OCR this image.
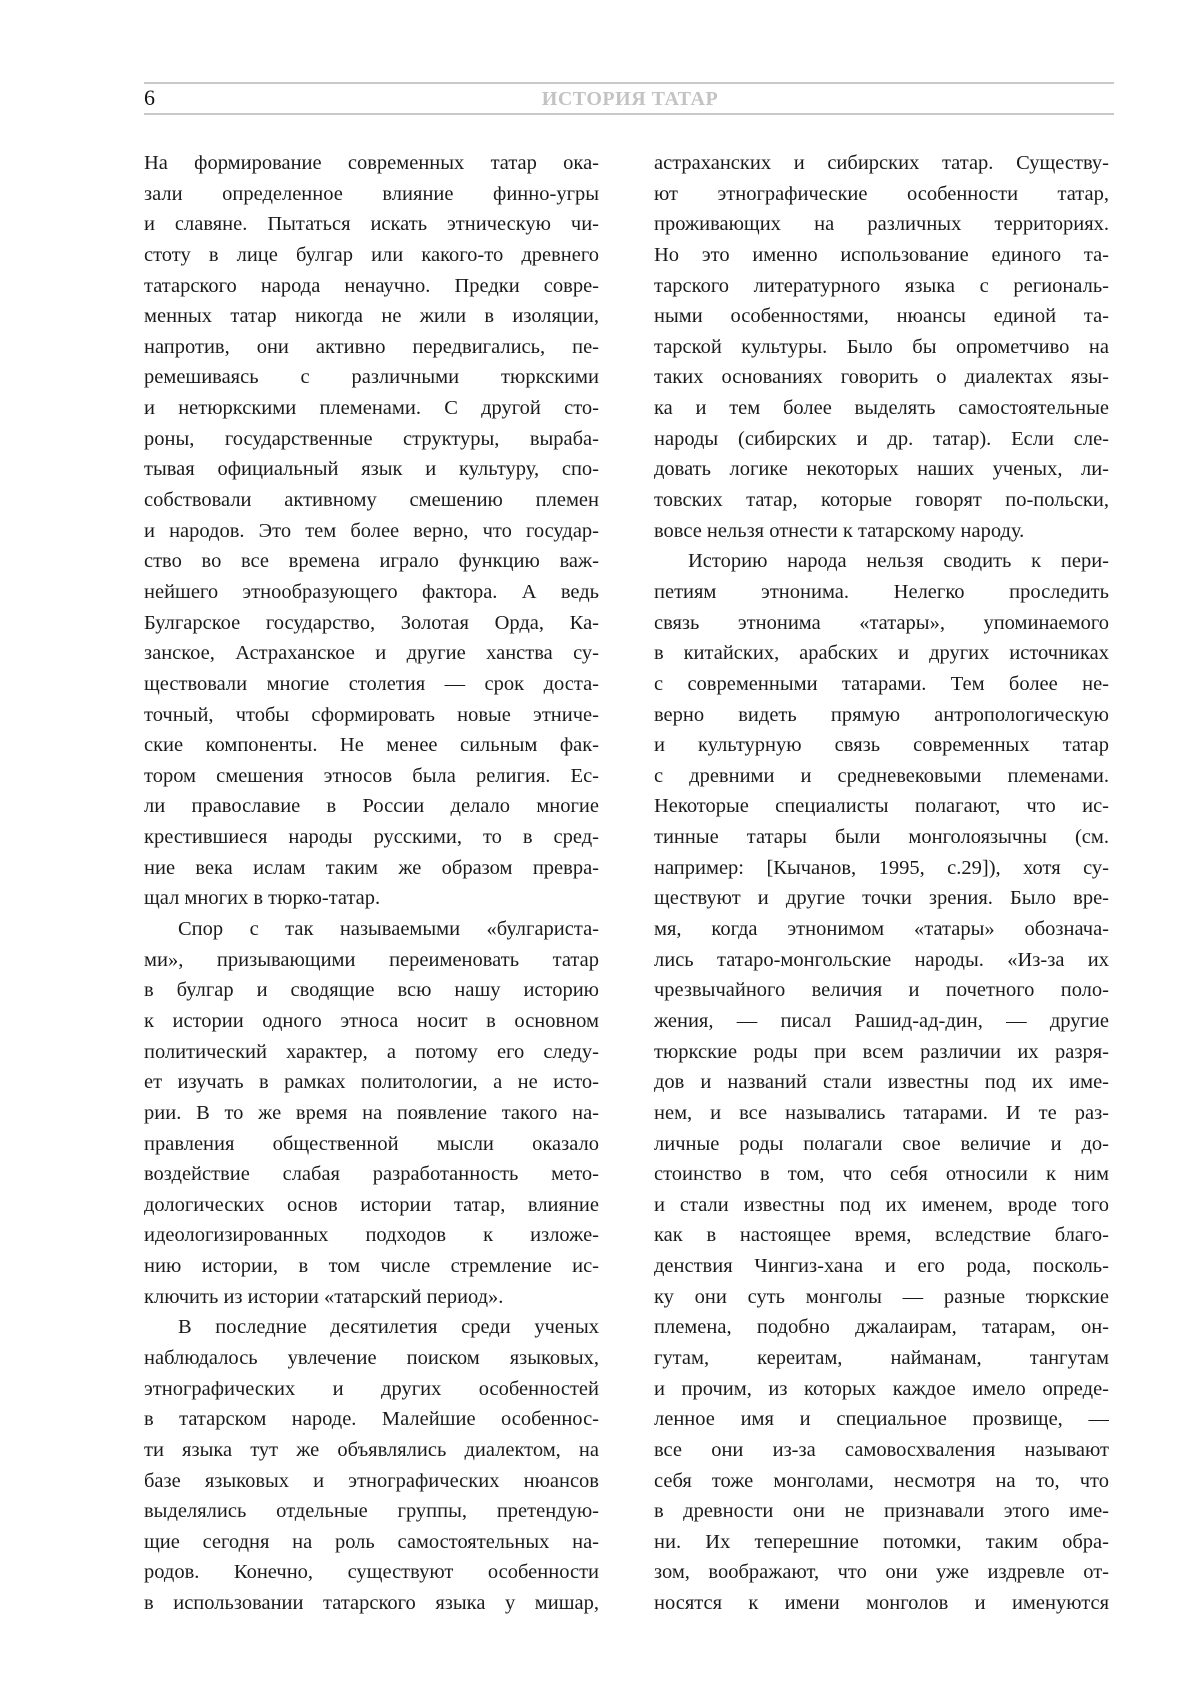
6	ИСТОРИЯ ТАТАР
На формирование современных татар ока-
зали определенное влияние финно-угры
и славяне. Пытаться искать этническую чи-
стоту в лице булгар или какого-то древнего
татарского народа ненаучно. Предки совре-
менных татар никогда не жили в изоляции,
напротив, они активно передвигались, пе-
ремешиваясь с различными тюркскими
и нетюркскими племенами. С другой сто-
роны, государственные структуры, выраба-
тывая официальный язык и культуру, спо-
собствовали активному смешению племен
и народов. Это тем более верно, что государ-
ство во все времена играло функцию важ-
нейшего этнообразующего фактора. А ведь
Булгарское государство, Золотая Орда, Ка-
занское, Астраханское и другие ханства су-
ществовали многие столетия — срок доста-
точный, чтобы сформировать новые этниче-
ские компоненты. Не менее сильным фак-
тором смешения этносов была религия. Ес-
ли православие в России делало многие
крестившиеся народы русскими, то в сред-
ние века ислам таким же образом превра-
щал многих в тюрко-татар.
Спор с так называемыми «булгариста-
ми», призывающими переименовать татар
в булгар и сводящие всю нашу историю
к истории одного этноса носит в основном
политический характер, а потому его следу-
ет изучать в рамках политологии, а не исто-
рии. В то же время на появление такого на-
правления общественной мысли оказало
воздействие слабая разработанность мето-
дологических основ истории татар, влияние
идеологизированных подходов к изложе-
нию истории, в том числе стремление ис-
ключить из истории «татарский период».
В последние десятилетия среди ученых
наблюдалось увлечение поиском языковых,
этнографических и других особенностей
в татарском народе. Малейшие особеннос-
ти языка тут же объявлялись диалектом, на
базе языковых и этнографических нюансов
выделялись отдельные группы, претендую-
щие сегодня на роль самостоятельных на-
родов. Конечно, существуют особенности
в использовании татарского языка у мишар,
астраханских и сибирских татар. Существу-
ют этнографические особенности татар,
проживающих на различных территориях.
Но это именно использование единого та-
тарского литературного языка с региональ-
ными особенностями, нюансы единой та-
тарской культуры. Было бы опрометчиво на
таких основаниях говорить о диалектах язы-
ка и тем более выделять самостоятельные
народы (сибирских и др. татар). Если сле-
довать логике некоторых наших ученых, ли-
товских татар, которые говорят по-польски,
вовсе нельзя отнести к татарскому народу.
Историю народа нельзя сводить к пери-
петиям этнонима. Нелегко проследить
связь этнонима «татары», упоминаемого
в китайских, арабских и других источниках
с современными татарами. Тем более не-
верно видеть прямую антропологическую
и культурную связь современных татар
с древними и средневековыми племенами.
Некоторые специалисты полагают, что ис-
тинные татары были монголоязычны (см.
например: [Кычанов, 1995, с.29]), хотя су-
ществуют и другие точки зрения. Было вре-
мя, когда этнонимом «татары» обознача-
лись татаро-монгольские народы. «Из-за их
чрезвычайного величия и почетного поло-
жения, — писал Рашид-ад-дин, — другие
тюркские роды при всем различии их разря-
дов и названий стали известны под их име-
нем, и все назывались татарами. И те раз-
личные роды полагали свое величие и до-
стоинство в том, что себя относили к ним
и стали известны под их именем, вроде того
как в настоящее время, вследствие благо-
денствия Чингиз-хана и его рода, посколь-
ку они суть монголы — разные тюркские
племена, подобно джалаирам, татарам, он-
гутам, кереитам, найманам, тангутам
и прочим, из которых каждое имело опреде-
ленное имя и специальное прозвище, —
все они из-за самовосхваления называют
себя тоже монголами, несмотря на то, что
в древности они не признавали этого име-
ни. Их теперешние потомки, таким обра-
зом, воображают, что они уже издревле от-
носятся к имени монголов и именуются
